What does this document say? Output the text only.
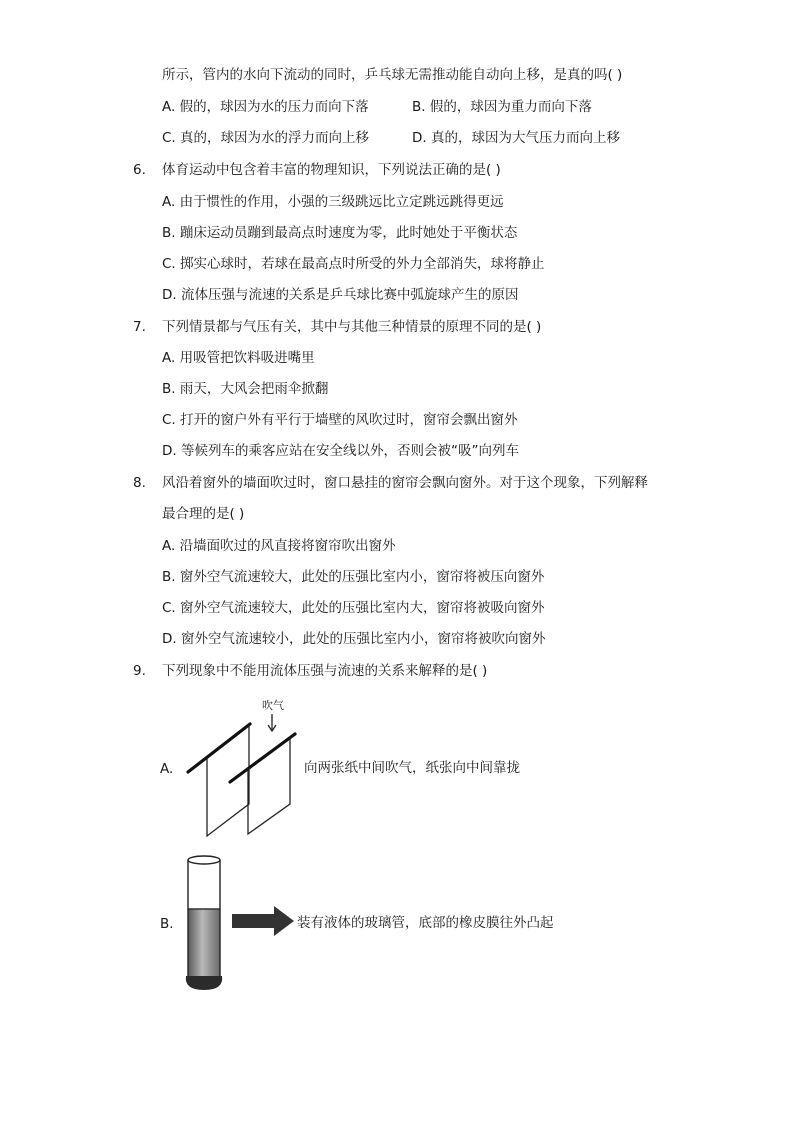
所示，管内的水向下流动的同时，乒乓球无需推动能自动向上移，是真的吗( )
A. 假的，球因为水的压力而向下落	B. 假的，球因为重力而向下落
C. 真的，球因为水的浮力而向上移	D. 真的，球因为大气压力而向上移
6. 体育运动中包含着丰富的物理知识，下列说法正确的是( )
A. 由于惯性的作用，小强的三级跳远比立定跳远跳得更远
B. 蹦床运动员蹦到最高点时速度为零，此时她处于平衡状态
C. 掷实心球时，若球在最高点时所受的外力全部消失，球将静止
D. 流体压强与流速的关系是乒乓球比赛中弧旋球产生的原因
7. 下列情景都与气压有关，其中与其他三种情景的原理不同的是( )
A. 用吸管把饮料吸进嘴里
B. 雨天，大风会把雨伞掀翻
C. 打开的窗户外有平行于墙壁的风吹过时，窗帘会飘出窗外
D. 等候列车的乘客应站在安全线以外，否则会被“吸”向列车
8. 风沿着窗外的墙面吹过时，窗口悬挂的窗帘会飘向窗外。对于这个现象，下列解释
最合理的是( )
A. 沿墙面吹过的风直接将窗帘吹出窗外
B. 窗外空气流速较大，此处的压强比室内小，窗帘将被压向窗外
C. 窗外空气流速较大，此处的压强比室内大，窗帘将被吸向窗外
D. 窗外空气流速较小，此处的压强比室内小，窗帘将被吹向窗外
9. 下列现象中不能用流体压强与流速的关系来解释的是( )
A.
吹气
向两张纸中间吹气，纸张向中间靠拢
B.	装有液体的玻璃管，底部的橡皮膜往外凸起
